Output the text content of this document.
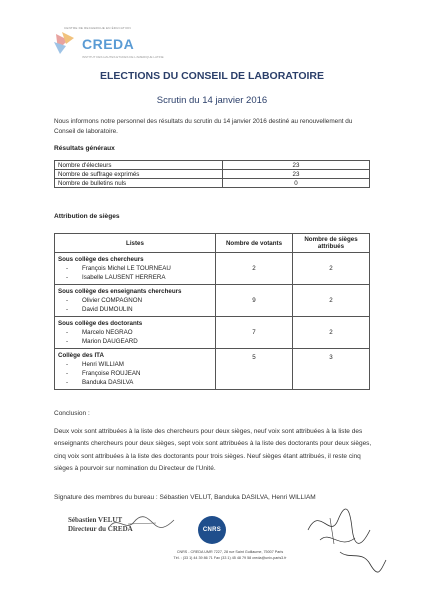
CENTRE DE RECHERCHE EN ÉDUCATION
CREDA
INSTITUT DES HAUTES ETUDES DE L'AMERIQUE LATINE
ELECTIONS DU CONSEIL DE LABORATOIRE
Scrutin du 14 janvier 2016
Nous informons notre personnel des résultats du scrutin du 14 janvier 2016 destiné au renouvellement du Conseil de laboratoire.
Résultats généraux
Nombre d'électeurs	23
Nombre de suffrage exprimés	23
Nombre de bulletins nuls	0
Attribution de sièges
Listes	Nombre de votants	Nombre de sièges attribués

Sous collège des chercheurs
- François Michel LE TOURNEAU
- Isabelle LAUSENT HERRERA	2	2

Sous collège des enseignants chercheurs
- Olivier COMPAGNON
- David DUMOULIN	9	2

Sous collège des doctorants
- Marcelo NEGRAO
- Marion DAUGEARD	7	2

Collège des ITA
- Henri WILLIAM
- Françoise ROUJEAN
- Banduka DASILVA	5	3
Conclusion :
Deux voix sont attribuées à la liste des chercheurs pour deux sièges, neuf voix sont attribuées à la liste des enseignants chercheurs pour deux sièges, sept voix sont attribuées à la liste des doctorants pour deux sièges, cinq voix sont attribuées à la liste des doctorants pour trois sièges. Neuf sièges étant attribués, il reste cinq sièges à pourvoir sur nomination du Directeur de l'Unité.
Signature des membres du bureau : Sébastien VELUT, Banduka DASILVA, Henri WILLIAM
Sébastien VELUT
Directeur du CREDA	CNRS
CNRS - CREDA UMR 7227, 28 rue Saint Guillaume, 75007 Paris
Tél. : (33 1) 44 39 86 71 Fax (33 1) 45 48 79 58 creda@univ-paris3.fr
